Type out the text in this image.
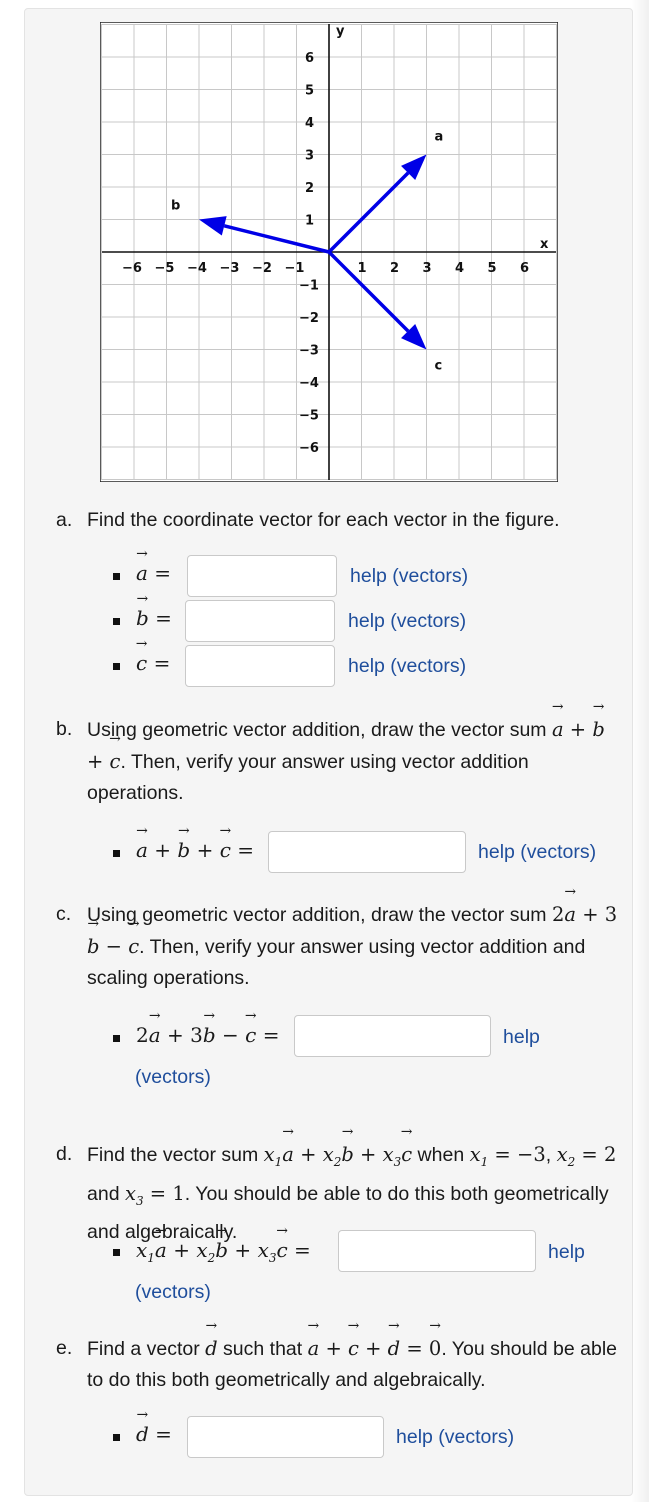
−6 −5 −4 −3 −2 −1	1 2 3 4 5 6
6
5
4
3
2
1
−1
−2
−3
−4
−5
−6
x
y
a
b
c
a. Find the coordinate vector for each vector in the figure.
→ a =	help (vectors)
→ b =	help (vectors)
→ c =	help (vectors)
b. Using geometric vector addition, draw the vector sum → a + → b + → c. Then, verify your answer using vector addition operations.
→ a + → b + → c =	help (vectors)
c. Using geometric vector addition, draw the vector sum 2→ a + 3→ b − → c. Then, verify your answer using vector addition and scaling operations.
2→ a + 3→ b − → c =	help
(vectors)
d. Find the vector sum $x_1\to a + x_2\to b + x_3\to c$ when $x_1 = -3$, $x_2 = 2$ and $x_3 = 1$. You should be able to do this both geometrically and algebraically.
$x_1\to a + x_2\to b + x_3\to c$ =	help
(vectors)
e. Find a vector → d such that → a + → c + → d = → 0. You should be able to do this both geometrically and algebraically.
→ d =	help (vectors)
